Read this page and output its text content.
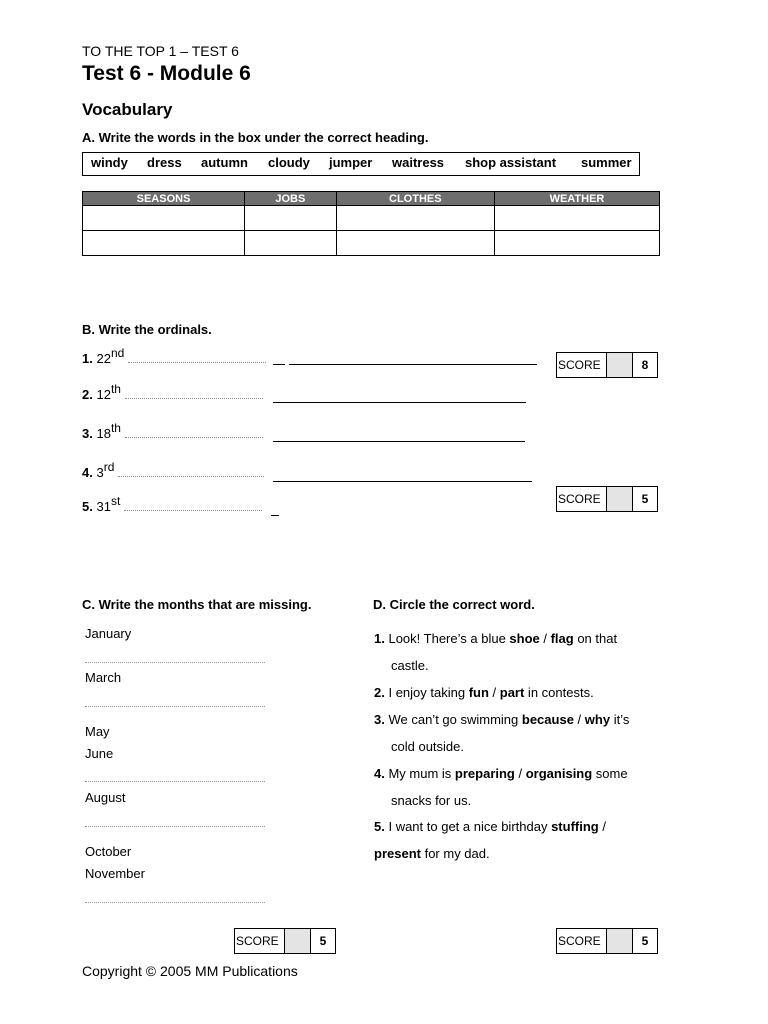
TO THE TOP 1 – TEST 6
Test 6 - Module 6
Vocabulary
A. Write the words in the box under the correct heading.
windy dress autumn cloudy jumper waitress shop assistant summer
SEASONS	JOBS	CLOTHES	WEATHER

B. Write the ordinals.
1. 22nd
2. 12th
3. 18th
4. 3rd
5. 31st
SCORE	8
SCORE	5
C. Write the months that are missing.
January
March
May
June
August
October
November
D. Circle the correct word.
1. Look! There’s a blue shoe / flag on that
castle.
2. I enjoy taking fun / part in contests.
3. We can’t go swimming because / why it’s
cold outside.
4. My mum is preparing / organising some
snacks for us.
5. I want to get a nice birthday stuffing /
present for my dad.
SCORE	5	SCORE	5
Copyright © 2005 MM Publications
